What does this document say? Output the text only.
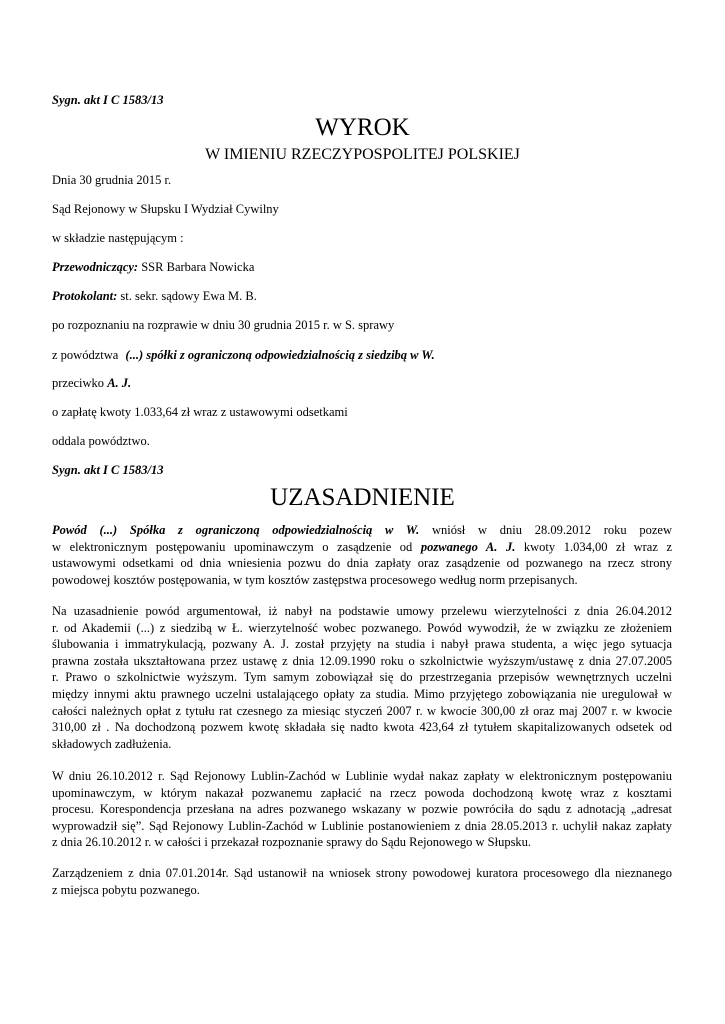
Sygn. akt I C 1583/13
WYROK
W IMIENIU RZECZYPOSPOLITEJ POLSKIEJ
Dnia 30 grudnia 2015 r.
Sąd Rejonowy w Słupsku I Wydział Cywilny
w składzie następującym :
Przewodniczący: SSR Barbara Nowicka
Protokolant: st. sekr. sądowy Ewa M. B.
po rozpoznaniu na rozprawie w dniu 30 grudnia 2015 r. w S. sprawy
z powództwa (...) spółki z ograniczoną odpowiedzialnością z siedzibą w W.
przeciwko A. J.
o zapłatę kwoty 1.033,64 zł wraz z ustawowymi odsetkami
oddala powództwo.
Sygn. akt I C 1583/13
UZASADNIENIE
Powód (...) Spółka z ograniczoną odpowiedzialnością w W. wniósł w dniu 28.09.2012 roku pozew
w elektronicznym postępowaniu upominawczym o zasądzenie od pozwanego A. J. kwoty 1.034,00 zł wraz z
ustawowymi odsetkami od dnia wniesienia pozwu do dnia zapłaty oraz zasądzenie od pozwanego na rzecz strony
powodowej kosztów postępowania, w tym kosztów zastępstwa procesowego według norm przepisanych.
Na uzasadnienie powód argumentował, iż nabył na podstawie umowy przelewu wierzytelności z dnia 26.04.2012
r. od Akademii (...) z siedzibą w Ł. wierzytelność wobec pozwanego. Powód wywodził, że w związku ze złożeniem
ślubowania i immatrykulacją, pozwany A. J. został przyjęty na studia i nabył prawa studenta, a więc jego sytuacja
prawna została ukształtowana przez ustawę z dnia 12.09.1990 roku o szkolnictwie wyższym/ustawę z dnia 27.07.2005
r. Prawo o szkolnictwie wyższym. Tym samym zobowiązał się do przestrzegania przepisów wewnętrznych uczelni
między innymi aktu prawnego uczelni ustalającego opłaty za studia. Mimo przyjętego zobowiązania nie uregulował w
całości należnych opłat z tytułu rat czesnego za miesiąc styczeń 2007 r. w kwocie 300,00 zł oraz maj 2007 r. w kwocie
310,00 zł . Na dochodzoną pozwem kwotę składała się nadto kwota 423,64 zł tytułem skapitalizowanych odsetek od
składowych zadłużenia.
W dniu 26.10.2012 r. Sąd Rejonowy Lublin-Zachód w Lublinie wydał nakaz zapłaty w elektronicznym postępowaniu
upominawczym, w którym nakazał pozwanemu zapłacić na rzecz powoda dochodzoną kwotę wraz z kosztami
procesu. Korespondencja przesłana na adres pozwanego wskazany w pozwie powróciła do sądu z adnotacją „adresat
wyprowadził się”. Sąd Rejonowy Lublin-Zachód w Lublinie postanowieniem z dnia 28.05.2013 r. uchylił nakaz zapłaty
z dnia 26.10.2012 r. w całości i przekazał rozpoznanie sprawy do Sądu Rejonowego w Słupsku.
Zarządzeniem z dnia 07.01.2014r. Sąd ustanowił na wniosek strony powodowej kuratora procesowego dla nieznanego
z miejsca pobytu pozwanego.
